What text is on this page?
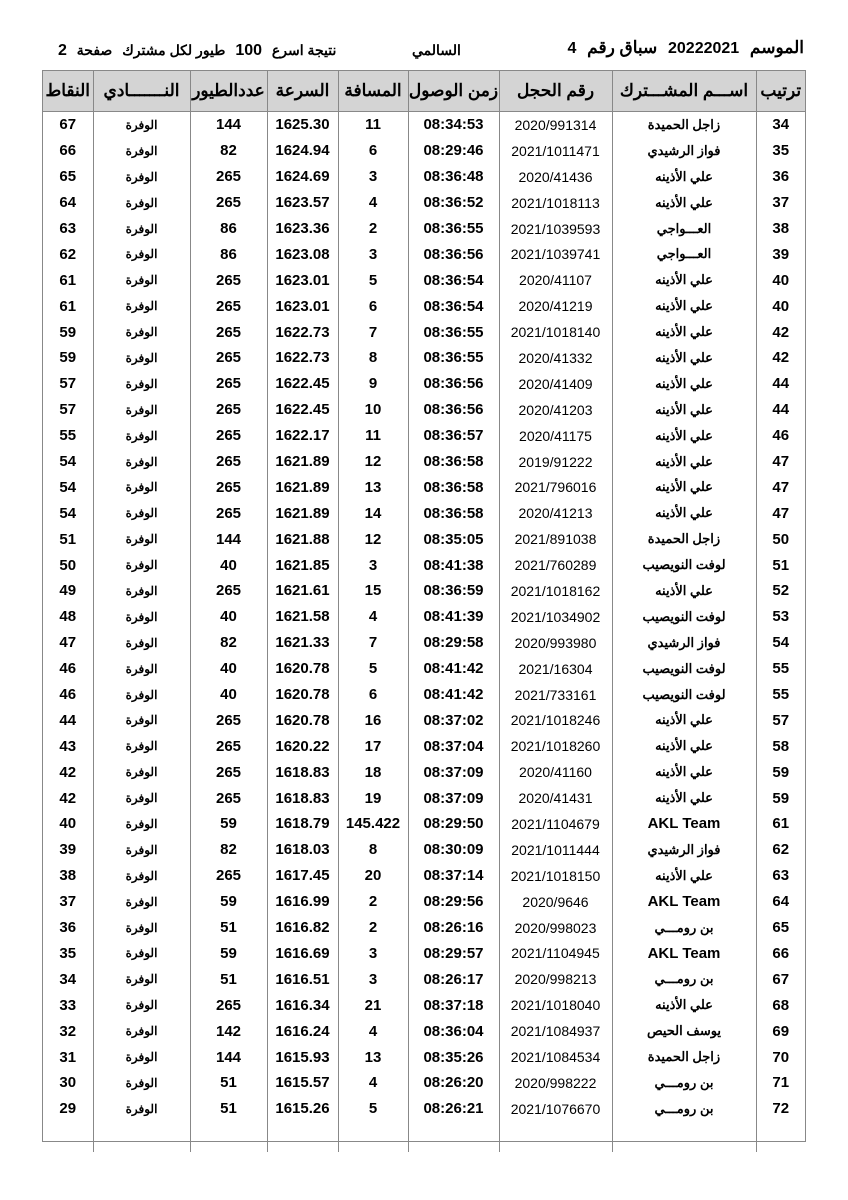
الموسم 20222021 سباق رقم 4
السالمي
نتيجة اسرع 100 طيور لكل مشترك صفحة 2
ترتيب	اســـم المشـــترك	رقم الحجل	زمن الوصول	المسافة	السرعة	عددالطيور	النـــــــادي	النقاط
34	زاجل الحميدة	2020/991314	08:34:53	11	1625.30	144	الوفرة	67
35	فواز الرشيدي	2021/1011471	08:29:46	6	1624.94	82	الوفرة	66
36	علي الأذينه	2020/41436	08:36:48	3	1624.69	265	الوفرة	65
37	علي الأذينه	2021/1018113	08:36:52	4	1623.57	265	الوفرة	64
38	العـــواجي	2021/1039593	08:36:55	2	1623.36	86	الوفرة	63
39	العـــواجي	2021/1039741	08:36:56	3	1623.08	86	الوفرة	62
40	علي الأذينه	2020/41107	08:36:54	5	1623.01	265	الوفرة	61
40	علي الأذينه	2020/41219	08:36:54	6	1623.01	265	الوفرة	61
42	علي الأذينه	2021/1018140	08:36:55	7	1622.73	265	الوفرة	59
42	علي الأذينه	2020/41332	08:36:55	8	1622.73	265	الوفرة	59
44	علي الأذينه	2020/41409	08:36:56	9	1622.45	265	الوفرة	57
44	علي الأذينه	2020/41203	08:36:56	10	1622.45	265	الوفرة	57
46	علي الأذينه	2020/41175	08:36:57	11	1622.17	265	الوفرة	55
47	علي الأذينه	2019/91222	08:36:58	12	1621.89	265	الوفرة	54
47	علي الأذينه	2021/796016	08:36:58	13	1621.89	265	الوفرة	54
47	علي الأذينه	2020/41213	08:36:58	14	1621.89	265	الوفرة	54
50	زاجل الحميدة	2021/891038	08:35:05	12	1621.88	144	الوفرة	51
51	لوفت النويصيب	2021/760289	08:41:38	3	1621.85	40	الوفرة	50
52	علي الأذينه	2021/1018162	08:36:59	15	1621.61	265	الوفرة	49
53	لوفت النويصيب	2021/1034902	08:41:39	4	1621.58	40	الوفرة	48
54	فواز الرشيدي	2020/993980	08:29:58	7	1621.33	82	الوفرة	47
55	لوفت النويصيب	2021/16304	08:41:42	5	1620.78	40	الوفرة	46
55	لوفت النويصيب	2021/733161	08:41:42	6	1620.78	40	الوفرة	46
57	علي الأذينه	2021/1018246	08:37:02	16	1620.78	265	الوفرة	44
58	علي الأذينه	2021/1018260	08:37:04	17	1620.22	265	الوفرة	43
59	علي الأذينه	2020/41160	08:37:09	18	1618.83	265	الوفرة	42
59	علي الأذينه	2020/41431	08:37:09	19	1618.83	265	الوفرة	42
61	AKL Team	2021/1104679	08:29:50	145.422	1618.79	59	الوفرة	40
62	فواز الرشيدي	2021/1011444	08:30:09	8	1618.03	82	الوفرة	39
63	علي الأذينه	2021/1018150	08:37:14	20	1617.45	265	الوفرة	38
64	AKL Team	2020/9646	08:29:56	2	1616.99	59	الوفرة	37
65	بن رومـــي	2020/998023	08:26:16	2	1616.82	51	الوفرة	36
66	AKL Team	2021/1104945	08:29:57	3	1616.69	59	الوفرة	35
67	بن رومـــي	2020/998213	08:26:17	3	1616.51	51	الوفرة	34
68	علي الأذينه	2021/1018040	08:37:18	21	1616.34	265	الوفرة	33
69	يوسف الحيص	2021/1084937	08:36:04	4	1616.24	142	الوفرة	32
70	زاجل الحميدة	2021/1084534	08:35:26	13	1615.93	144	الوفرة	31
71	بن رومـــي	2020/998222	08:26:20	4	1615.57	51	الوفرة	30
72	بن رومـــي	2021/1076670	08:26:21	5	1615.26	51	الوفرة	29
